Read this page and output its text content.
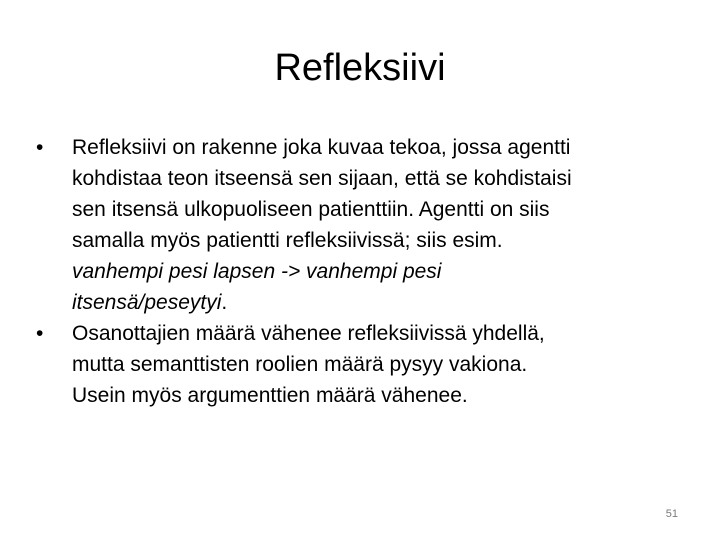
Refleksiivi
•	Refleksiivi on rakenne joka kuvaa tekoa, jossa agentti
kohdistaa teon itseensä sen sijaan, että se kohdistaisi
sen itsensä ulkopuoliseen patienttiin. Agentti on siis
samalla myös patientti refleksiivissä; siis esim.
vanhempi pesi lapsen -> vanhempi pesi
itsensä/peseytyi.
•	Osanottajien määrä vähenee refleksiivissä yhdellä,
mutta semanttisten roolien määrä pysyy vakiona.
Usein myös argumenttien määrä vähenee.
51
